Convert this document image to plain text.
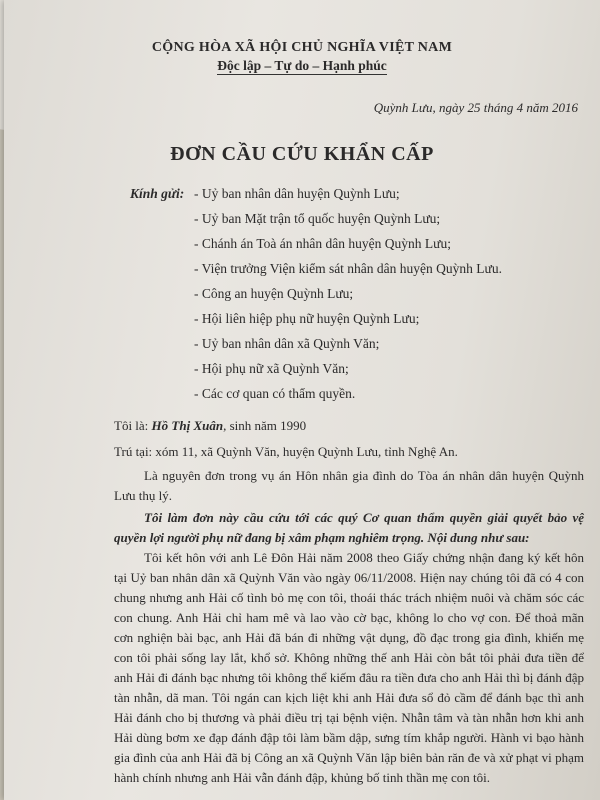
CỘNG HÒA XÃ HỘI CHỦ NGHĨA VIỆT NAM
Độc lập – Tự do – Hạnh phúc
Quỳnh Lưu, ngày 25 tháng 4 năm 2016
ĐƠN CẦU CỨU KHẨN CẤP
Kính gửi: - Uỷ ban nhân dân huyện Quỳnh Lưu;
- Uỷ ban Mặt trận tổ quốc huyện Quỳnh Lưu;
- Chánh án Toà án nhân dân huyện Quỳnh Lưu;
- Viện trưởng Viện kiểm sát nhân dân huyện Quỳnh Lưu.
- Công an huyện Quỳnh Lưu;
- Hội liên hiệp phụ nữ huyện Quỳnh Lưu;
- Uỷ ban nhân dân xã Quỳnh Văn;
- Hội phụ nữ xã Quỳnh Văn;
- Các cơ quan có thẩm quyền.
Tôi là: Hồ Thị Xuân, sinh năm 1990
Trú tại: xóm 11, xã Quỳnh Văn, huyện Quỳnh Lưu, tỉnh Nghệ An.
Là nguyên đơn trong vụ án Hôn nhân gia đình do Tòa án nhân dân huyện Quỳnh Lưu thụ lý.
Tôi làm đơn này cầu cứu tới các quý Cơ quan thẩm quyền giải quyết bảo vệ quyền lợi người phụ nữ đang bị xâm phạm nghiêm trọng. Nội dung như sau:
Tôi kết hôn với anh Lê Đôn Hải năm 2008 theo Giấy chứng nhận đang ký kết hôn tại Uỷ ban nhân dân xã Quỳnh Văn vào ngày 06/11/2008. Hiện nay chúng tôi đã có 4 con chung nhưng anh Hải cố tình bỏ mẹ con tôi, thoái thác trách nhiệm nuôi và chăm sóc các con chung. Anh Hải chỉ ham mê và lao vào cờ bạc, không lo cho vợ con. Để thoả mãn cơn nghiện bài bạc, anh Hải đã bán đi những vật dụng, đồ đạc trong gia đình, khiến mẹ con tôi phải sống lay lắt, khổ sở. Không những thế anh Hải còn bắt tôi phải đưa tiền để anh Hải đi đánh bạc nhưng tôi không thể kiếm đâu ra tiền đưa cho anh Hải thì bị đánh đập tàn nhẫn, dã man. Tôi ngán can kịch liệt khi anh Hải đưa sổ đỏ cầm để đánh bạc thì anh Hải đánh cho bị thương và phải điều trị tại bệnh viện. Nhẫn tâm và tàn nhẫn hơn khi anh Hải dùng bơm xe đạp đánh đập tôi làm bầm dập, sưng tím khắp người. Hành vi bạo hành gia đình của anh Hải đã bị Công an xã Quỳnh Văn lập biên bản răn đe và xử phạt vi phạm hành chính nhưng anh Hải vẫn đánh đập, khủng bố tinh thần mẹ con tôi.
